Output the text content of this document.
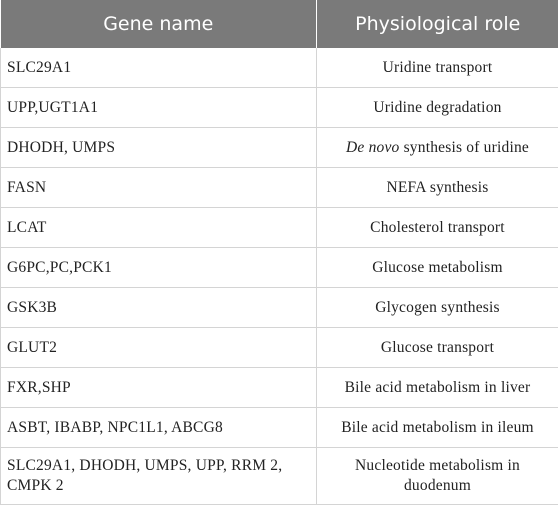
Gene name	Physiological role
SLC29A1	Uridine transport
UPP,UGT1A1	Uridine degradation
DHODH, UMPS	De novo synthesis of uridine
FASN	NEFA synthesis
LCAT	Cholesterol transport
G6PC,PC,PCK1	Glucose metabolism
GSK3B	Glycogen synthesis
GLUT2	Glucose transport
FXR,SHP	Bile acid metabolism in liver
ASBT, IBABP, NPC1L1, ABCG8	Bile acid metabolism in ileum
SLC29A1, DHODH, UMPS, UPP, RRM 2, CMPK 2	Nucleotide metabolism in duodenum
